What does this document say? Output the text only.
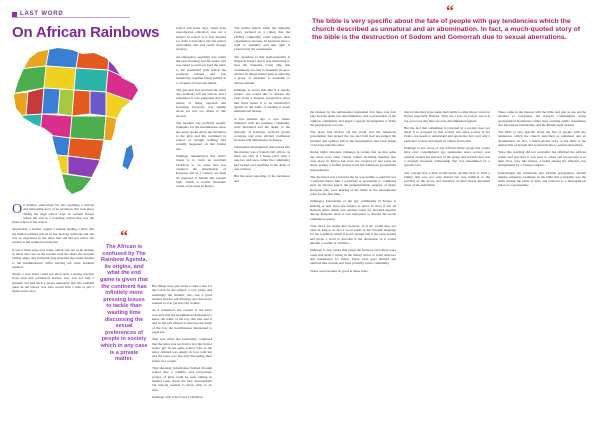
LAST WORD
On African Rainbows

On Sunday, somewhere far into spending a curious and interesting story of an incidence that took place during my high school days in western Kenya where the was in a boarding school that was the sister school to his school.

Apparently, a teacher caught a student reading a letter that his bank-boyfriend placed in her biology textbook and she was so engrossed in the letter that she did not notice the teacher at the walked towards her.

It was a three-page love letter, which was not at all strange in those days but as the teacher read the letter she became visibly angry and forthwith frog-marched the errant student to the headmistress's office leaving the other students puzzled.

Surely a love letter could not elicit such a strong reaction from even that puritanical teacher, who was not only a spinster, but had such a severe demeanor that she rounded jokes in the school was who would find a man to put a smile on her face.

“
The African is confused by The Rainbow Agenda, its origins, and what the end game is given that the continent has infinitely more pressing issues to tackle than wasting time discussing the sexual preferences of people in society which in any case is a private matter.

school and those days, when even reproduction education was not a subject in school as it was deemed too risky to introduce into the school curriculum, this was really strange territory.

An emergency assembly was called the next morning and the senior girl was asked to read out loud the letter to the assembled girls which she promptly refused and was summarily expelled being termed as a corrupter of innocent minds.

The girl that had received the letter also suddenly left the school, and I remember it was suggested that the nature of being exposed and frowning everyone was talking about yet was too afraid to talk about it.

The incident was probably equally traumatic for the headmistress since she never spoke about the incidence to the girls and life continued in school as though nothing had actually happened on that fateful day.

Oshungo remembered that term's bonus is to form an excellent backdrop to an issue that has captured the imagination of Kenyans and as a country we must all prepared to handle this present topic which a former President called a non-issue in Kenya.

The drama started when the Supreme Court declared in a ruling that the LBTIQ community could register their organisation because all Kenyans have a right to assembly and that right is protected in the constitution.

The quandary is that homosexuality is illegal in Kenya and it was interesting to hear the Supreme Court chip this community are able to assemble about to discuss an illegal matter akin to allowing a group of assassins to assemble to discuss murder.

Oshungo is aware that this is a touchy subject and would like to discuss the topic from a Kenyan perspective since like most issues it is an somebody's agenda in the name of running it down international threats.

A few months ago, a case where ministers with the southern community were murdered and his death, to the majority of Kenyans received global coverage and even elicited comments from the UN ambassador in Kenya.

Subsequent investigation discovered that the murder was a friend's bill officer, as there are only at a house party with a one-two and once, rather the community had looked over anything in the death of one of these.

But the press reporting of the incidence and

But things were just about to take a turn for the worse for the subject, a very pretty and seemingly the student, who was a good student and the self-effacing type that never seemed to ever get into any trouble.

As it transpired, the content of the letter was such that the headmistress demanded to know the name of the boy that had sent it and as the girl refused to disclose the name of the boy the headmistress threatened to expel her.

That was when she reluctantly confessed that the letter was not from a boy but from a senior girl in the same school who as the letter claimed was deeply in love with her and the letter was just lady discussing their future as a couple.

This shocking information flashed through school like a wildfire and everywhere groups of girls could be seen talking in hushed tones about the new development but nobody seemed to know what to do next.

Oshungo with school was a Christian

“
The bible is very specific about the fate of people with gay tendencies which the church described as unnatural and an abomination. In fact, a much-quoted story of the bible is the destruction of Sodom and Gomorrah due to sexual aberrations.

the manner by the ambassador insinuated that there was foul play and the death was discriminatory and a persecution of the rainbow community and urged a speedy investigation to bring the perpetrators to book.

The press had kicked off the event and the American government had picked the cue and both had pre-judged the incident and opinion before the investigation had even begun or had any tentative lines.

Doing rights violation. Oshungo is certain that on that same day there were other violent crimes including murders that took place in Kenya but were not covered by the press let alone getting a formal protest from the American government representative.

The deceased was a Kenyan but he was neither a celebrity nor a national figure like a politician or sportsman to command such an interest hence the understandable surprise of many Kenyans who were hearing of his name as the international press for the first time.

Oshungo's knowledge of the gay community in Kenya is sketchy at best since the subject is taboo in most if not all Kenyan tribes which was another cause for shocked surprise among Kenyans since it was unpopular to discuss his social orientation openly.

True, there are issues that 'persons', if at all, would they not exist in Kenya, in fact a word exists in the Swahili language for the condition which is proof enough that it has been around and given a word to describe it but discussion of it would amount to public at all times.

Oshungo is also aware that along the Kenyan coast there were cases that male a living in the luxury sector to hotel directors and reassurance for ladies. There were guys dressed and behaved like women and were probably in the community.

These were because no good at these trade.

that in time they have taken their skills to other major towns in Kenya especially Nairobi. They are a part of society and it is not on record that they are ever discriminated against.

But the fact that something is tolerated in a society does not mean it is accepted by that society and since society is not fickle, one needs to understand and appreciate how and why a particular society developed its values and norms.

Oshungo is not aware of any African ethnic group that would have ever contemplated gay tendencies since society was cultural around the survival of the group and towards that was a strongly favoured relationship that was determined by a specific role.

The concept that a man would prefer another man to form a family unit was not only absurd but was inimical to the survival of the group and therefore societal moral informed those of the individual.

There came in the interest with the bible and gun as one and he decided to reorganise the Kenyan communities along geographical boundaries rather than existing ethnic boundaries and introduced Christianity and the British legal system.

The bible is very specific about the fate of people with gay tendencies which the church described as unnatural and an abomination. In fact, a much-quoted story of the bible is the destruction of Sodom and Gomorrah due to sexual aberrations.

Since this teaching did not contradict but affirmed the African norms and practices it was easy to adopt and incorporate it in their lives, very like Kenya, a belief among the Africans was strengthened by a foreign religion.

Interestingly the Christians also include polygamous ancient despite extensive examples in the bible that polygamy was the norm during the bible of days and restored to a monogamous union as a prerequisite
